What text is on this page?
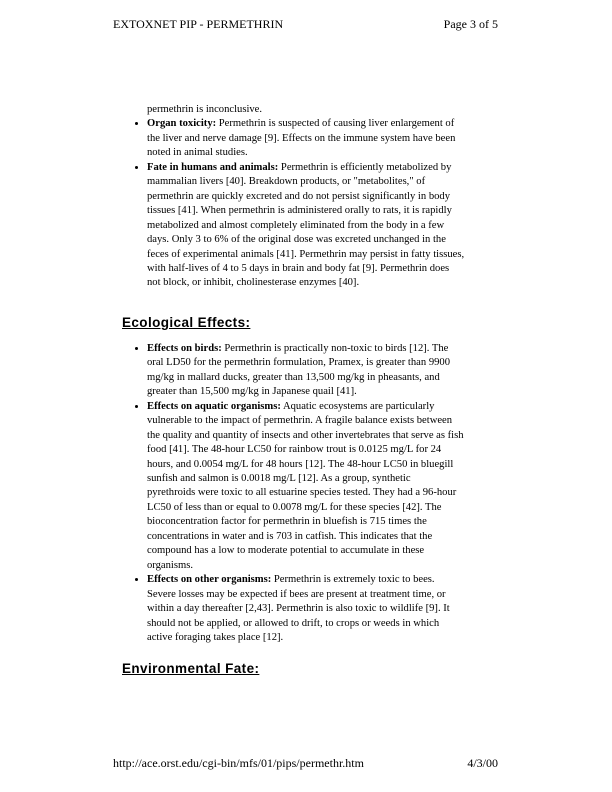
EXTOXNET PIP - PERMETHRIN	Page 3 of 5
permethrin is inconclusive.
• Organ toxicity: Permethrin is suspected of causing liver enlargement of
the liver and nerve damage [9]. Effects on the immune system have been
noted in animal studies.
• Fate in humans and animals: Permethrin is efficiently metabolized by
mammalian livers [40]. Breakdown products, or "metabolites," of
permethrin are quickly excreted and do not persist significantly in body
tissues [41]. When permethrin is administered orally to rats, it is rapidly
metabolized and almost completely eliminated from the body in a few
days. Only 3 to 6% of the original dose was excreted unchanged in the
feces of experimental animals [41]. Permethrin may persist in fatty tissues,
with half-lives of 4 to 5 days in brain and body fat [9]. Permethrin does
not block, or inhibit, cholinesterase enzymes [40].
Ecological Effects:
• Effects on birds: Permethrin is practically non-toxic to birds [12]. The
oral LD50 for the permethrin formulation, Pramex, is greater than 9900
mg/kg in mallard ducks, greater than 13,500 mg/kg in pheasants, and
greater than 15,500 mg/kg in Japanese quail [41].
• Effects on aquatic organisms: Aquatic ecosystems are particularly
vulnerable to the impact of permethrin. A fragile balance exists between
the quality and quantity of insects and other invertebrates that serve as fish
food [41]. The 48-hour LC50 for rainbow trout is 0.0125 mg/L for 24
hours, and 0.0054 mg/L for 48 hours [12]. The 48-hour LC50 in bluegill
sunfish and salmon is 0.0018 mg/L [12]. As a group, synthetic
pyrethroids were toxic to all estuarine species tested. They had a 96-hour
LC50 of less than or equal to 0.0078 mg/L for these species [42]. The
bioconcentration factor for permethrin in bluefish is 715 times the
concentrations in water and is 703 in catfish. This indicates that the
compound has a low to moderate potential to accumulate in these
organisms.
• Effects on other organisms: Permethrin is extremely toxic to bees.
Severe losses may be expected if bees are present at treatment time, or
within a day thereafter [2,43]. Permethrin is also toxic to wildlife [9]. It
should not be applied, or allowed to drift, to crops or weeds in which
active foraging takes place [12].
Environmental Fate:
http://ace.orst.edu/cgi-bin/mfs/01/pips/permethr.htm	4/3/00
